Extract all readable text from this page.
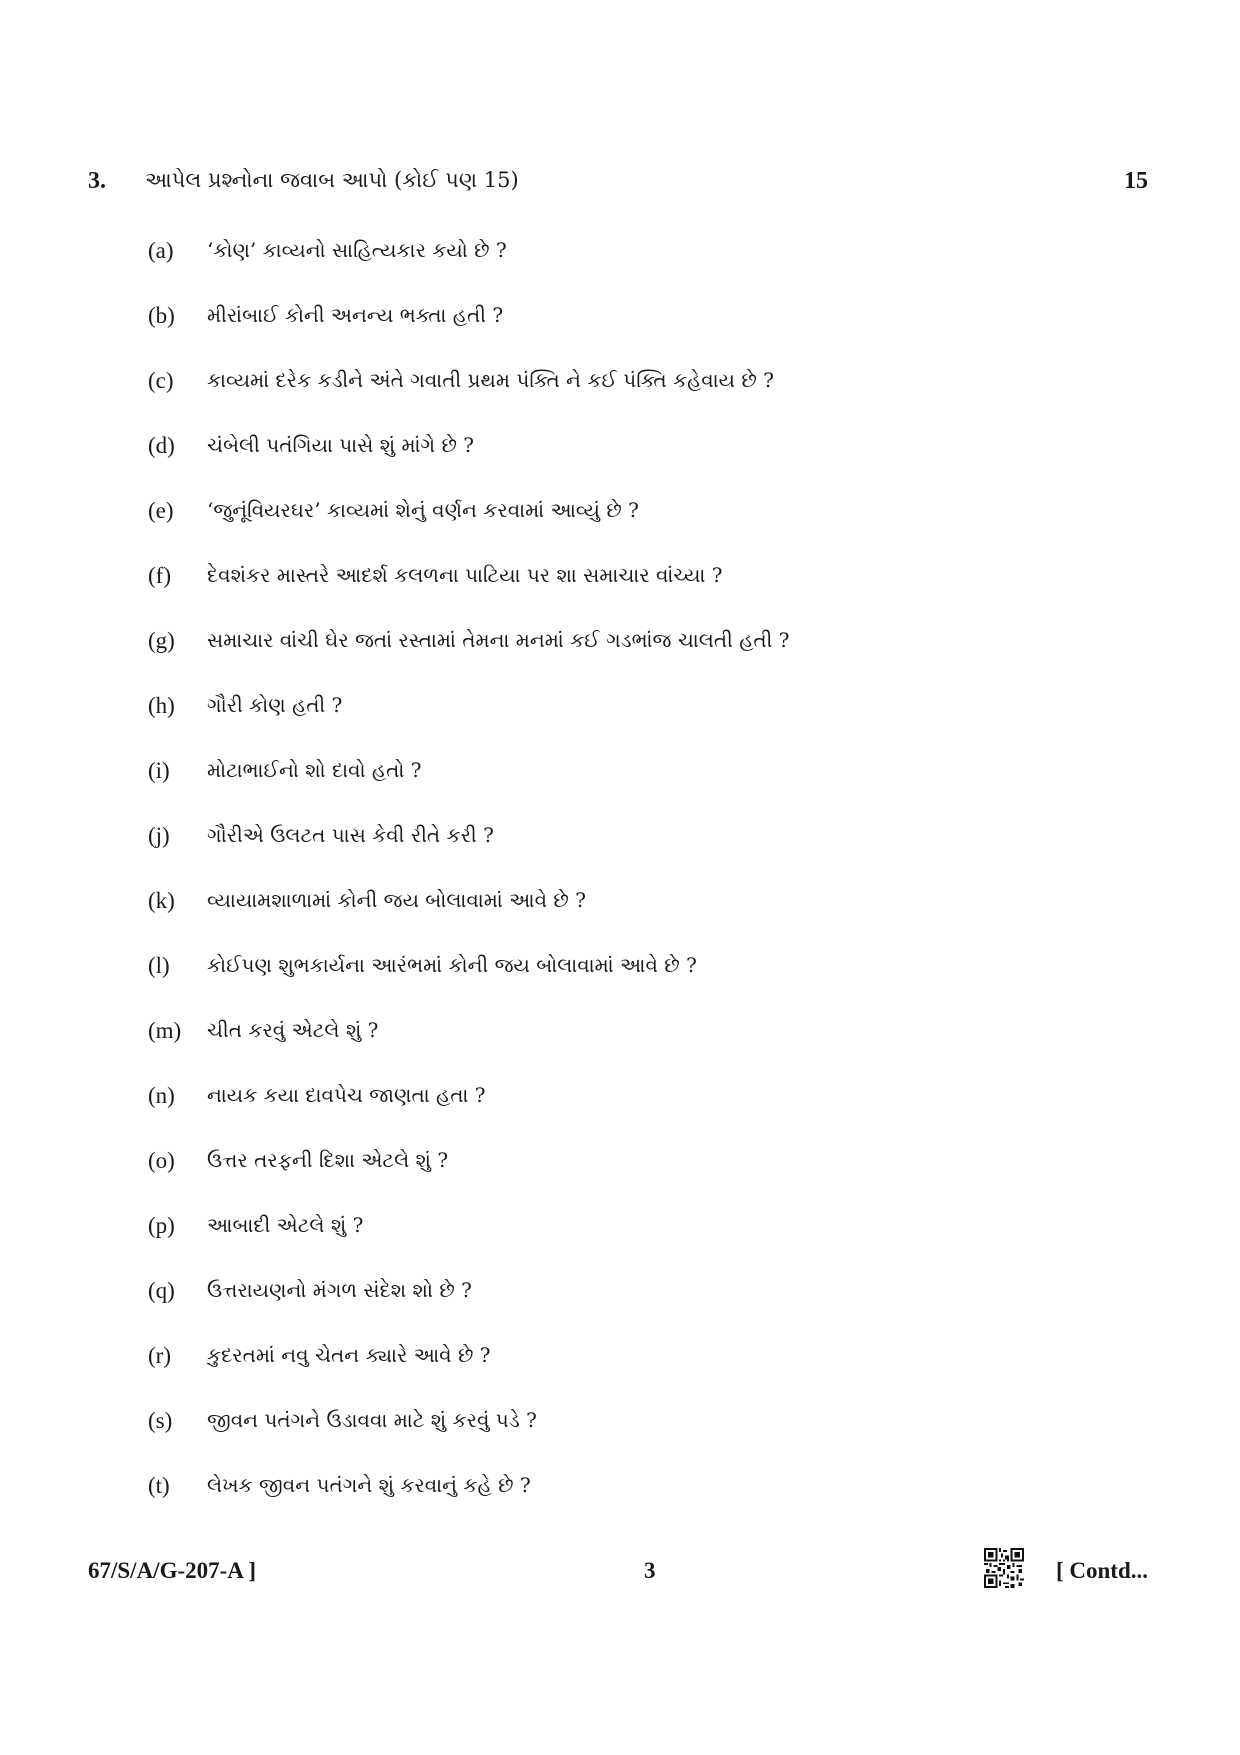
3. આપેલ પ્રશ્નોના જવાબ આપો (કોઈ પણ 15)	15
(a) ‘કોણ’ કાવ્યનો સાહિત્યકાર કયો છે ?
(b) મીરાંબાઈ કોની અનન્ય ભક્તા હતી ?
(c) કાવ્યમાં દરેક કડીને અંતે ગવાતી પ્રથમ પંક્તિ ને કઈ પંક્તિ કહેવાય છે ?
(d) ચંબેલી પતંગિયા પાસે શું માંગે છે ?
(e) ‘જુનૂંવિયરઘર’ કાવ્યમાં શેનું વર્ણન કરવામાં આવ્યું છે ?
(f) દેવશંકર માસ્તરે આદર્શ કલળના પાટિયા પર શા સમાચાર વાંચ્યા ?
(g) સમાચાર વાંચી ઘેર જતાં રસ્તામાં તેમના મનમાં કઈ ગડભાંજ ચાલતી હતી ?
(h) ગૌરી કોણ હતી ?
(i) મોટાભાઈનો શો દાવો હતો ?
(j) ગૌરીએ ઉલટત પાસ કેવી રીતે કરી ?
(k) વ્યાયામશાળામાં કોની જય બોલાવામાં આવે છે ?
(l) કોઈપણ શુભકાર્યના આરંભમાં કોની જય બોલાવામાં આવે છે ?
(m) ચીત કરવું એટલે શું ?
(n) નાયક કયા દાવપેચ જાણતા હતા ?
(o) ઉત્તર તરફની દિશા એટલે શું ?
(p) આબાદી એટલે શું ?
(q) ઉત્તરાયણનો મંગળ સંદેશ શો છે ?
(r) કુદરતમાં નવુ ચેતન ક્યારે આવે છે ?
(s) જીવન પતંગને ઉડાવવા માટે શું કરવું પડે ?
(t) લેખક જીવન પતંગને શું કરવાનું કહે છે ?
67/S/A/G-207-A ]	3	[ Contd...
